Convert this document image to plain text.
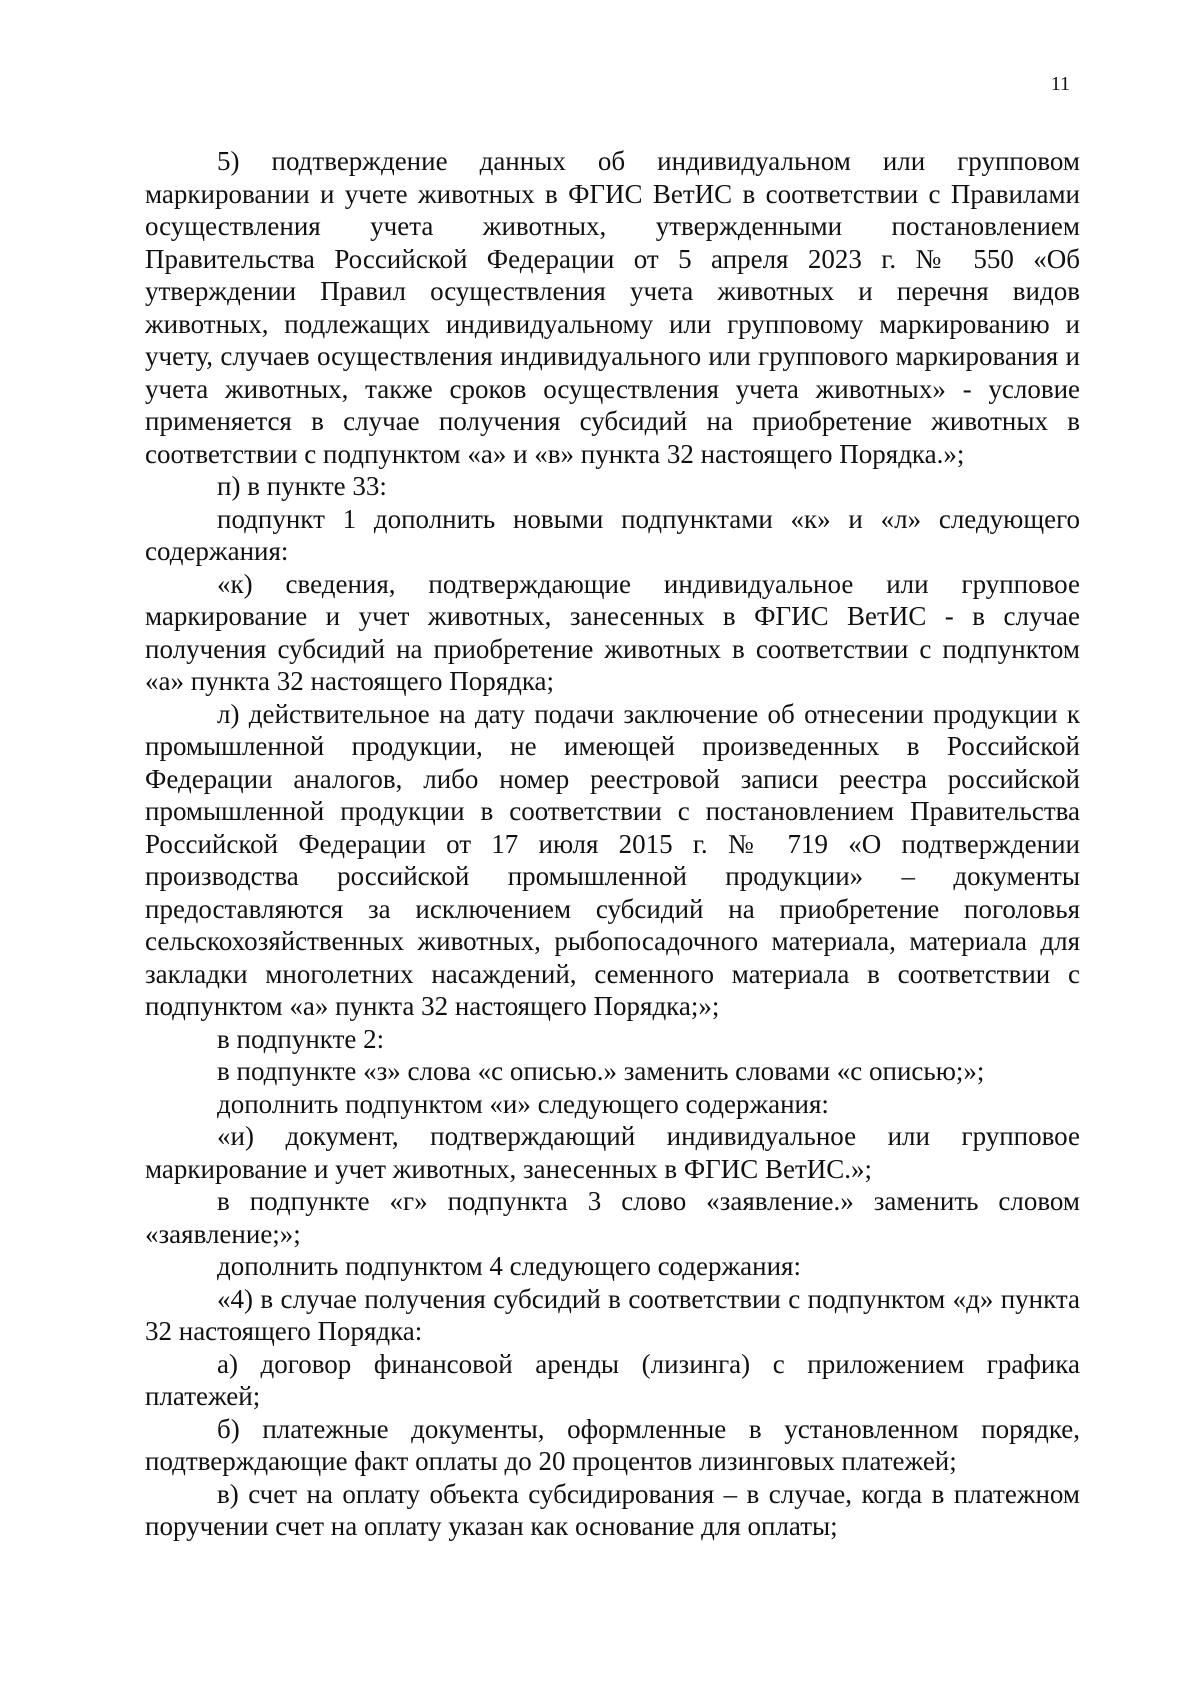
11

5) подтверждение данных об индивидуальном или групповом маркировании и учете животных в ФГИС ВетИС в соответствии с Правилами осуществления учета животных, утвержденными постановлением Правительства Российской Федерации от 5 апреля 2023 г. № 550 «Об утверждении Правил осуществления учета животных и перечня видов животных, подлежащих индивидуальному или групповому маркированию и учету, случаев осуществления индивидуального или группового маркирования и учета животных, также сроков осуществления учета животных» - условие применяется в случае получения субсидий на приобретение животных в соответствии с подпунктом «а» и «в» пункта 32 настоящего Порядка.»;

п) в пункте 33:

подпункт 1 дополнить новыми подпунктами «к» и «л» следующего содержания:

«к) сведения, подтверждающие индивидуальное или групповое маркирование и учет животных, занесенных в ФГИС ВетИС - в случае получения субсидий на приобретение животных в соответствии с подпунктом «а» пункта 32 настоящего Порядка;

л) действительное на дату подачи заключение об отнесении продукции к промышленной продукции, не имеющей произведенных в Российской Федерации аналогов, либо номер реестровой записи реестра российской промышленной продукции в соответствии с постановлением Правительства Российской Федерации от 17 июля 2015 г. № 719 «О подтверждении производства российской промышленной продукции» – документы предоставляются за исключением субсидий на приобретение поголовья сельскохозяйственных животных, рыбопосадочного материала, материала для закладки многолетних насаждений, семенного материала в соответствии с подпунктом «а» пункта 32 настоящего Порядка;»;

в подпункте 2:

в подпункте «з» слова «с описью.» заменить словами «с описью;»;

дополнить подпунктом «и» следующего содержания:

«и) документ, подтверждающий индивидуальное или групповое маркирование и учет животных, занесенных в ФГИС ВетИС.»;

в подпункте «г» подпункта 3 слово «заявление.» заменить словом «заявление;»;

дополнить подпунктом 4 следующего содержания:

«4) в случае получения субсидий в соответствии с подпунктом «д» пункта 32 настоящего Порядка:

а) договор финансовой аренды (лизинга) с приложением графика платежей;

б) платежные документы, оформленные в установленном порядке, подтверждающие факт оплаты до 20 процентов лизинговых платежей;

в) счет на оплату объекта субсидирования – в случае, когда в платежном поручении счет на оплату указан как основание для оплаты;
